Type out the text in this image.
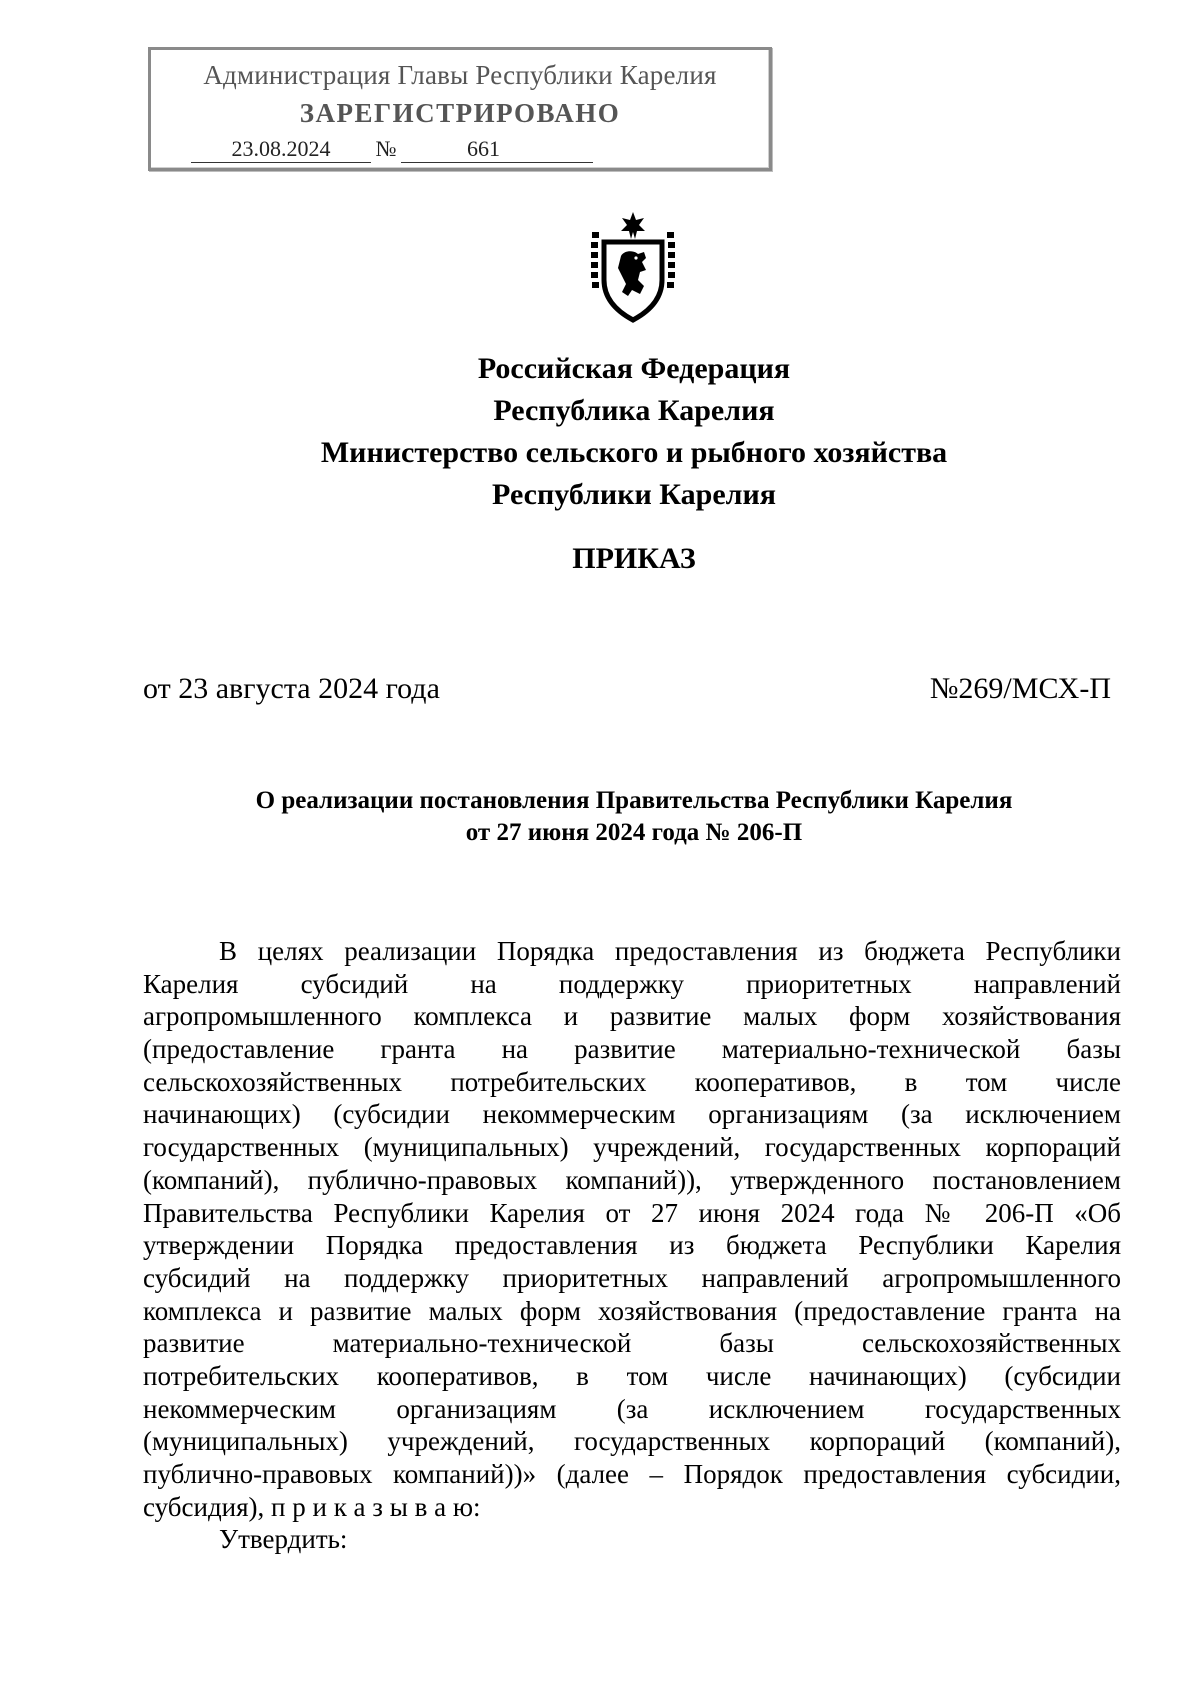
Администрация Главы Республики Карелия
ЗАРЕГИСТРИРОВАНО
23.08.2024	№	661
Российская Федерация
Республика Карелия
Министерство сельского и рыбного хозяйства
Республики Карелия
ПРИКАЗ
от 23 августа 2024 года	№269/МСХ-П
О реализации постановления Правительства Республики Карелия
от 27 июня 2024 года № 206-П
В целях реализации Порядка предоставления из бюджета Республики
Карелия субсидий на поддержку приоритетных направлений
агропромышленного комплекса и развитие малых форм хозяйствования
(предоставление гранта на развитие материально-технической базы
сельскохозяйственных потребительских кооперативов, в том числе
начинающих) (субсидии некоммерческим организациям (за исключением
государственных (муниципальных) учреждений, государственных корпораций
(компаний), публично-правовых компаний)), утвержденного постановлением
Правительства Республики Карелия от 27 июня 2024 года № 206-П «Об
утверждении Порядка предоставления из бюджета Республики Карелия
субсидий на поддержку приоритетных направлений агропромышленного
комплекса и развитие малых форм хозяйствования (предоставление гранта на
развитие материально-технической базы сельскохозяйственных
потребительских кооперативов, в том числе начинающих) (субсидии
некоммерческим организациям (за исключением государственных
(муниципальных) учреждений, государственных корпораций (компаний),
публично-правовых компаний))» (далее – Порядок предоставления субсидии,
субсидия), п р и к а з ы в а ю:
Утвердить:
